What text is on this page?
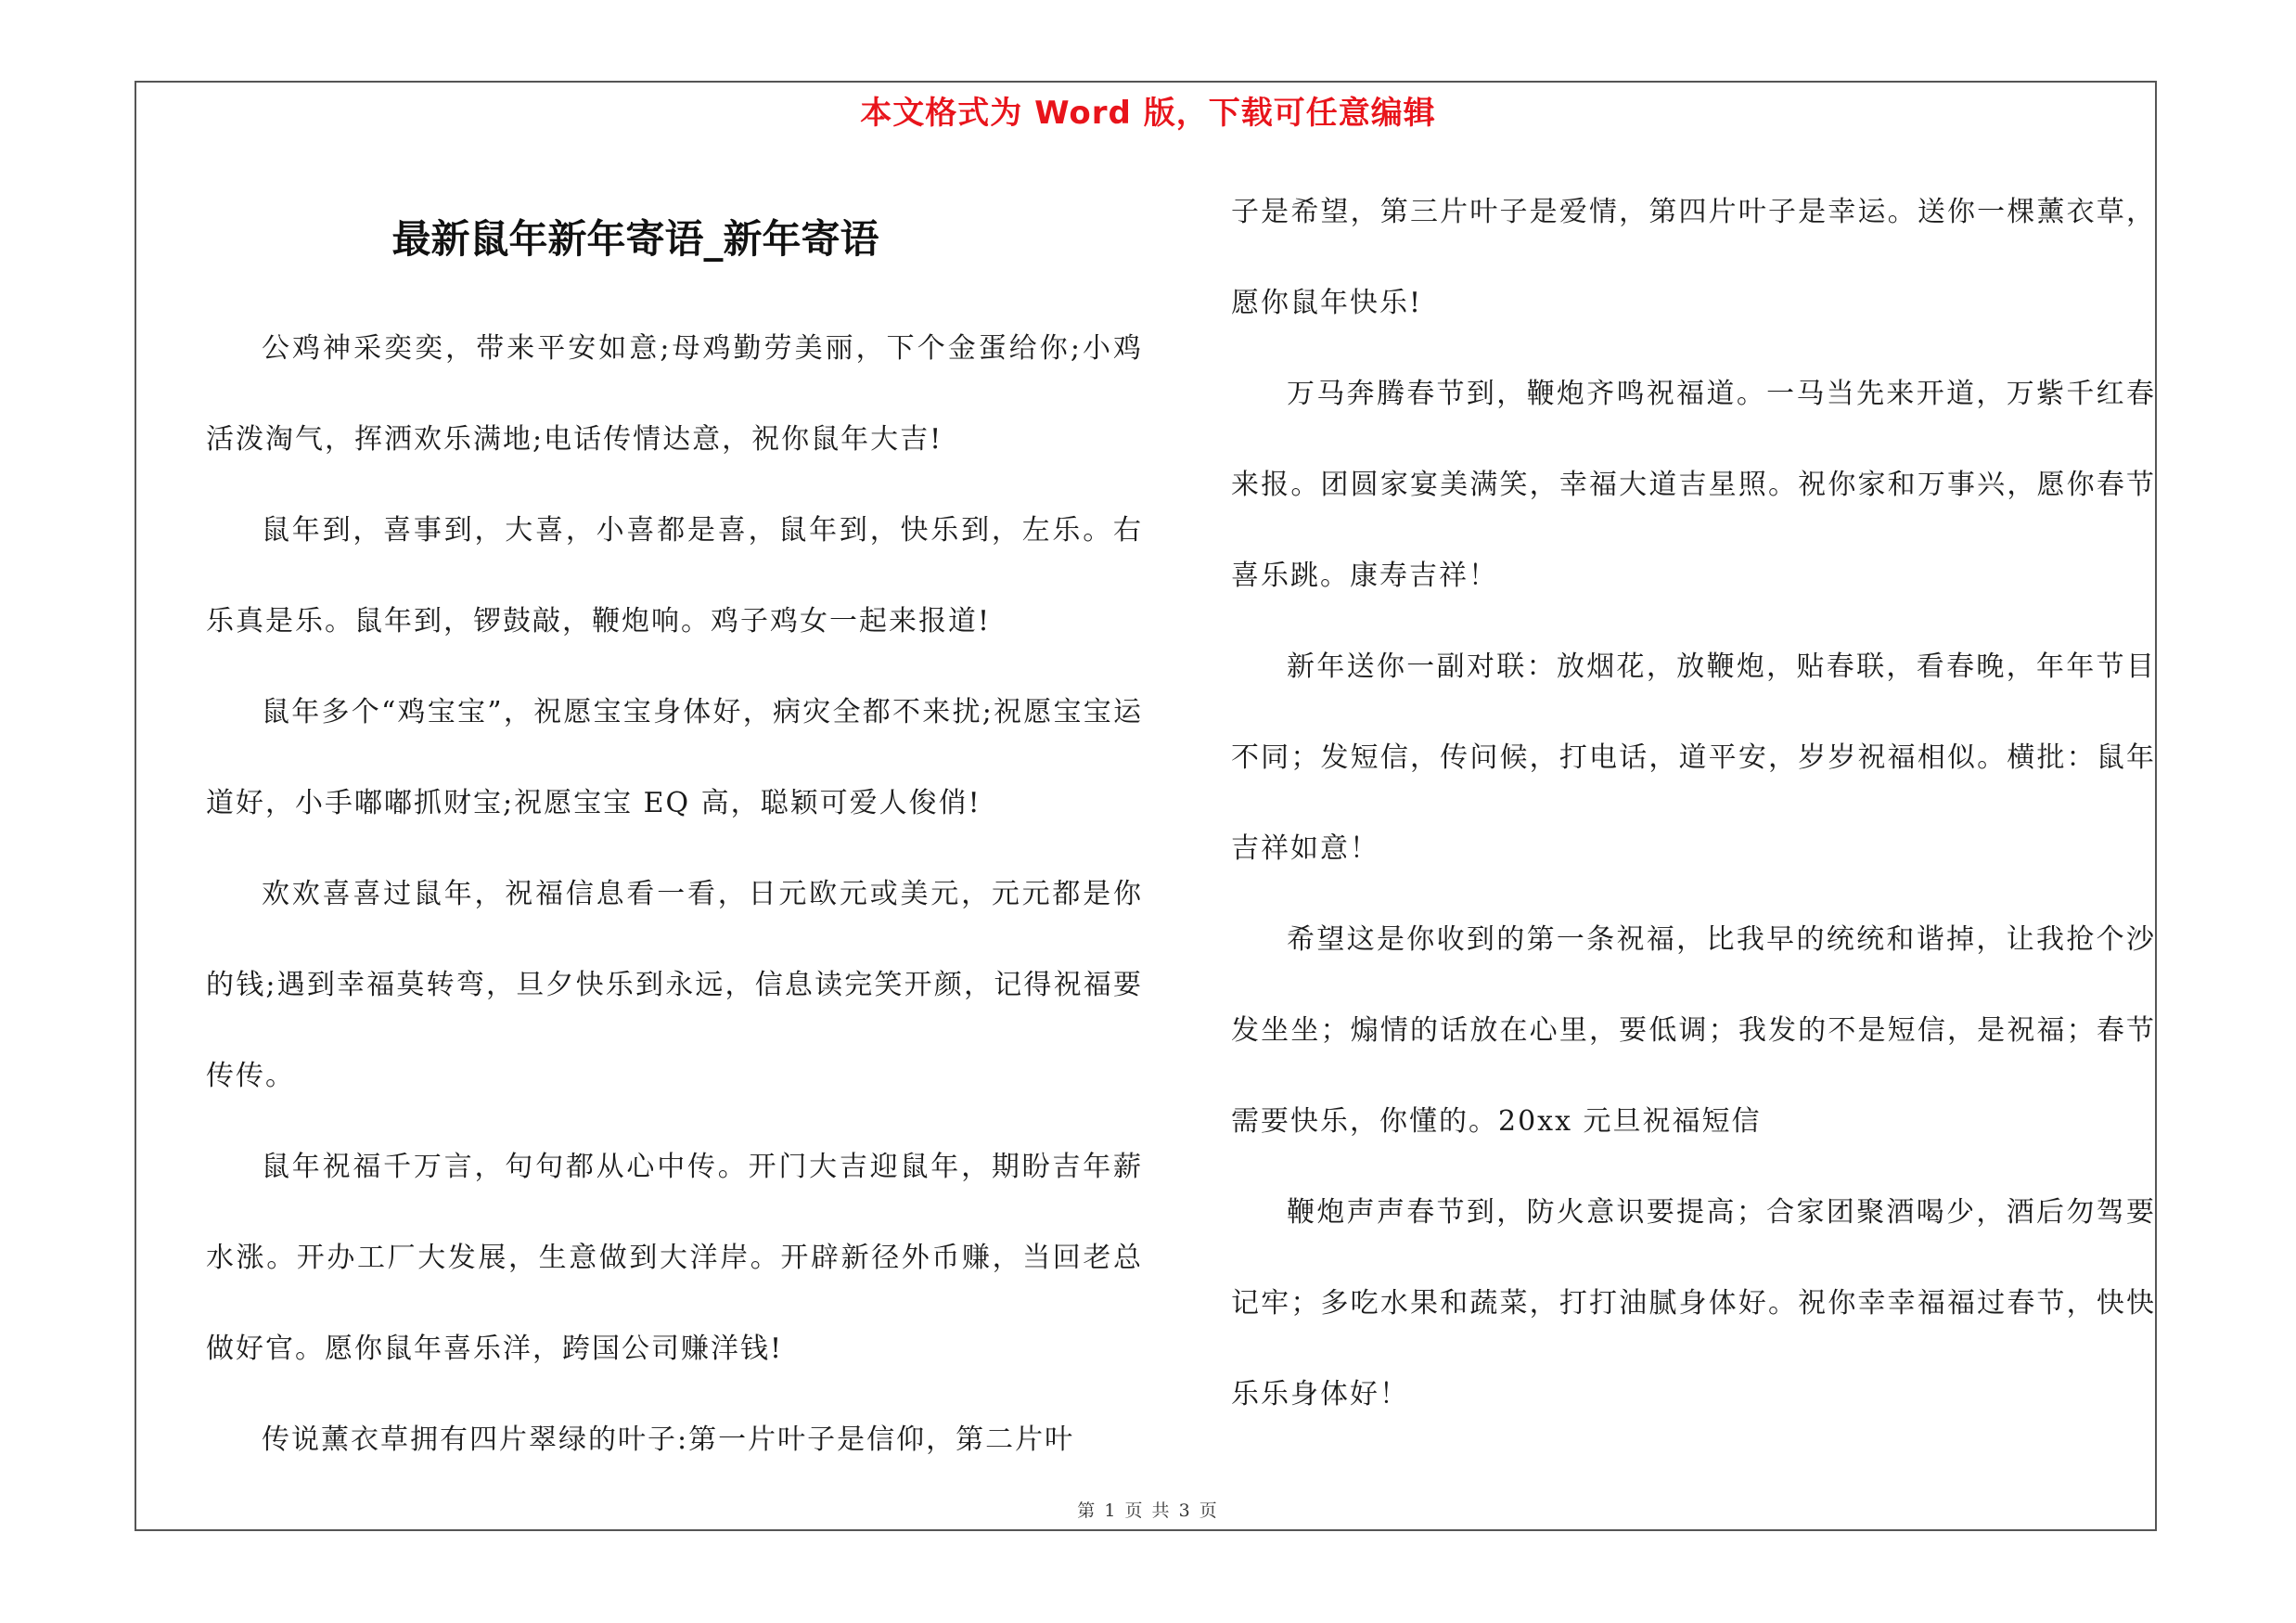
本文格式为 Word 版，下载可任意编辑
最新鼠年新年寄语_新年寄语

公鸡神采奕奕，带来平安如意;母鸡勤劳美丽，下个金蛋给你;小鸡活泼淘气，挥洒欢乐满地;电话传情达意，祝你鼠年大吉!

鼠年到，喜事到，大喜，小喜都是喜，鼠年到，快乐到，左乐。右乐真是乐。鼠年到，锣鼓敲，鞭炮响。鸡子鸡女一起来报道!

鼠年多个“鸡宝宝”，祝愿宝宝身体好，病灾全都不来扰;祝愿宝宝运道好，小手嘟嘟抓财宝;祝愿宝宝 EQ 高，聪颖可爱人俊俏!

欢欢喜喜过鼠年，祝福信息看一看，日元欧元或美元，元元都是你的钱;遇到幸福莫转弯，旦夕快乐到永远，信息读完笑开颜，记得祝福要传传。

鼠年祝福千万言，句句都从心中传。开门大吉迎鼠年，期盼吉年薪水涨。开办工厂大发展，生意做到大洋岸。开辟新径外币赚，当回老总做好官。愿你鼠年喜乐洋，跨国公司赚洋钱!

传说薰衣草拥有四片翠绿的叶子:第一片叶子是信仰，第二片叶

子是希望，第三片叶子是爱情，第四片叶子是幸运。送你一棵薰衣草，愿你鼠年快乐!

万马奔腾春节到，鞭炮齐鸣祝福道。一马当先来开道，万紫千红春来报。团圆家宴美满笑，幸福大道吉星照。祝你家和万事兴，愿你春节喜乐跳。康寿吉祥！

新年送你一副对联：放烟花，放鞭炮，贴春联，看春晚，年年节目不同；发短信，传问候，打电话，道平安，岁岁祝福相似。横批：鼠年吉祥如意！

希望这是你收到的第一条祝福，比我早的统统和谐掉，让我抢个沙发坐坐；煽情的话放在心里，要低调；我发的不是短信，是祝福；春节需要快乐，你懂的。20xx 元旦祝福短信

鞭炮声声春节到，防火意识要提高；合家团聚酒喝少，酒后勿驾要记牢；多吃水果和蔬菜，打打油腻身体好。祝你幸幸福福过春节，快快乐乐身体好！

第 1 页 共 3 页
